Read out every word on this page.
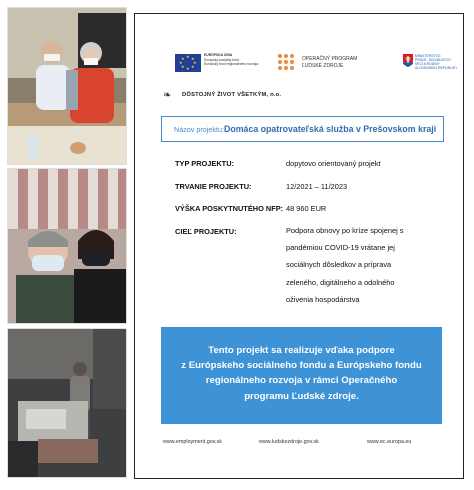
★ ★
★
★
★
★
★
★
EURÓPSKA ÚNIA
Európsky sociálny fond
Európsky fond regionálneho rozvoja
OPERAČNÝ PROGRAM
ĽUDSKÉ ZDROJE
MINISTERSTVO
PRÁCE, SOCIÁLNYCH
VECÍ A RODINY
SLOVENSKEJ REPUBLIKY
❧ DÔSTOJNÝ ŽIVOT VŠETKÝM, n.o.
Názov projektu: Domáca opatrovateľská služba v Prešovskom kraji
TYP PROJEKTU:	dopytovo orientovaný projekt
TRVANIE PROJEKTU:	12/2021 – 11/2023
VÝŠKA POSKYTNUTÉHO NFP: 48 960 EUR
CIEĽ PROJEKTU:	Podpora obnovy po kríze spojenej s
pandémiou COVID-19 vrátane jej
sociálnych dôsledkov a príprava
zeleného, digitálneho a odolného
oživenia hospodárstva
Tento projekt sa realizuje vďaka podpore
z Európskeho sociálneho fondu a Európskeho fondu
regionálneho rozvoja v rámci Operačného
programu Ľudské zdroje.
www.employment.gov.sk	www.ludskezdroje.gov.sk	www.ec.europa.eu
